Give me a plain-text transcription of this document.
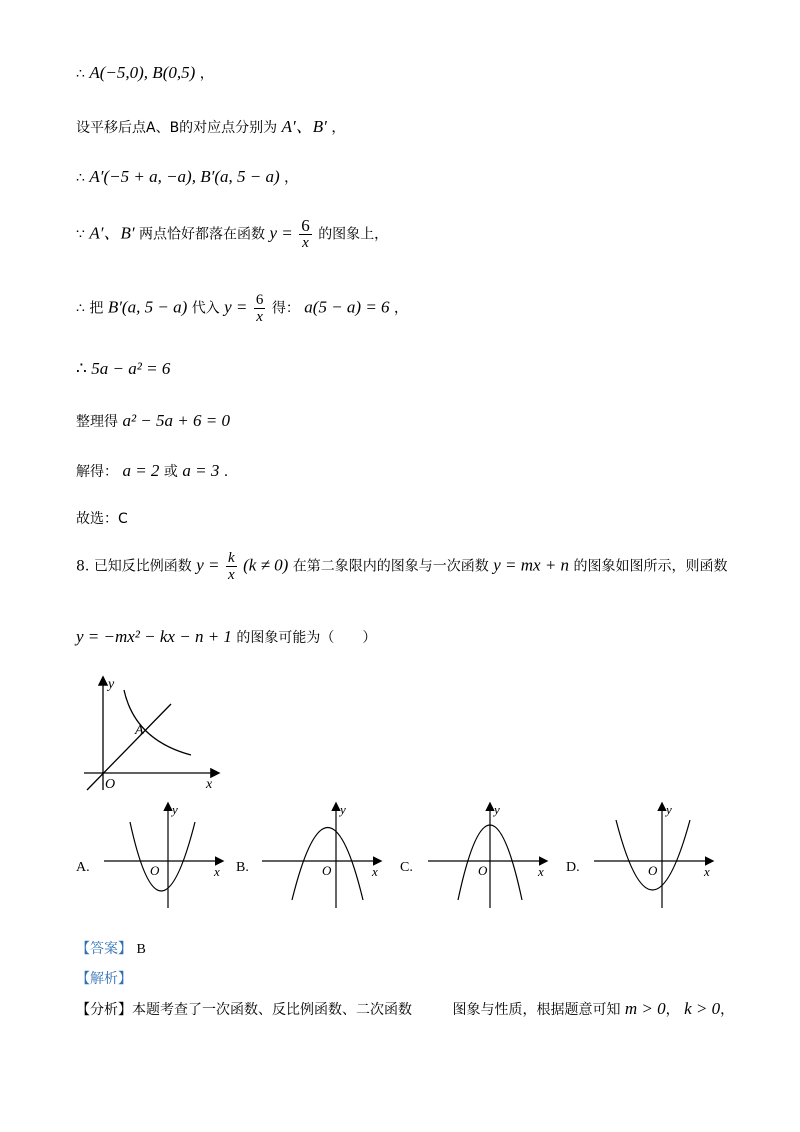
∴ A(−5,0), B(0,5) ，
设平移后点A、B的对应点分别为 A′、B′ ，
∴ A′(−5 + a, −a), B′(a, 5 − a) ，
∵ A′、B′ 两点恰好都落在函数 $y = \frac{6}{x}$ 的图象上，
∴ 把 B′(a, 5 − a) 代入 $y = \frac{6}{x}$ 得： a(5 − a) = 6 ，
∴ 5a − a² = 6
整理得 a² − 5a + 6 = 0
解得： a = 2 或 a = 3 .
故选：C
8. 已知反比例函数 $y = \frac{k}{x} (k \ne 0)$ 在第二象限内的图象与一次函数 y = mx + n 的图象如图所示，则函数
y = −mx² − kx − n + 1 的图象可能为（　　）
y
x
O
A
A.
y
x
O	B.
y
x
O	C.
y
x
O	D.
y
x
O
【答案】 B
【解析】
【分析】本题考查了一次函数、反比例函数、二次函数	图象与性质，根据题意可知 m > 0， k > 0，
